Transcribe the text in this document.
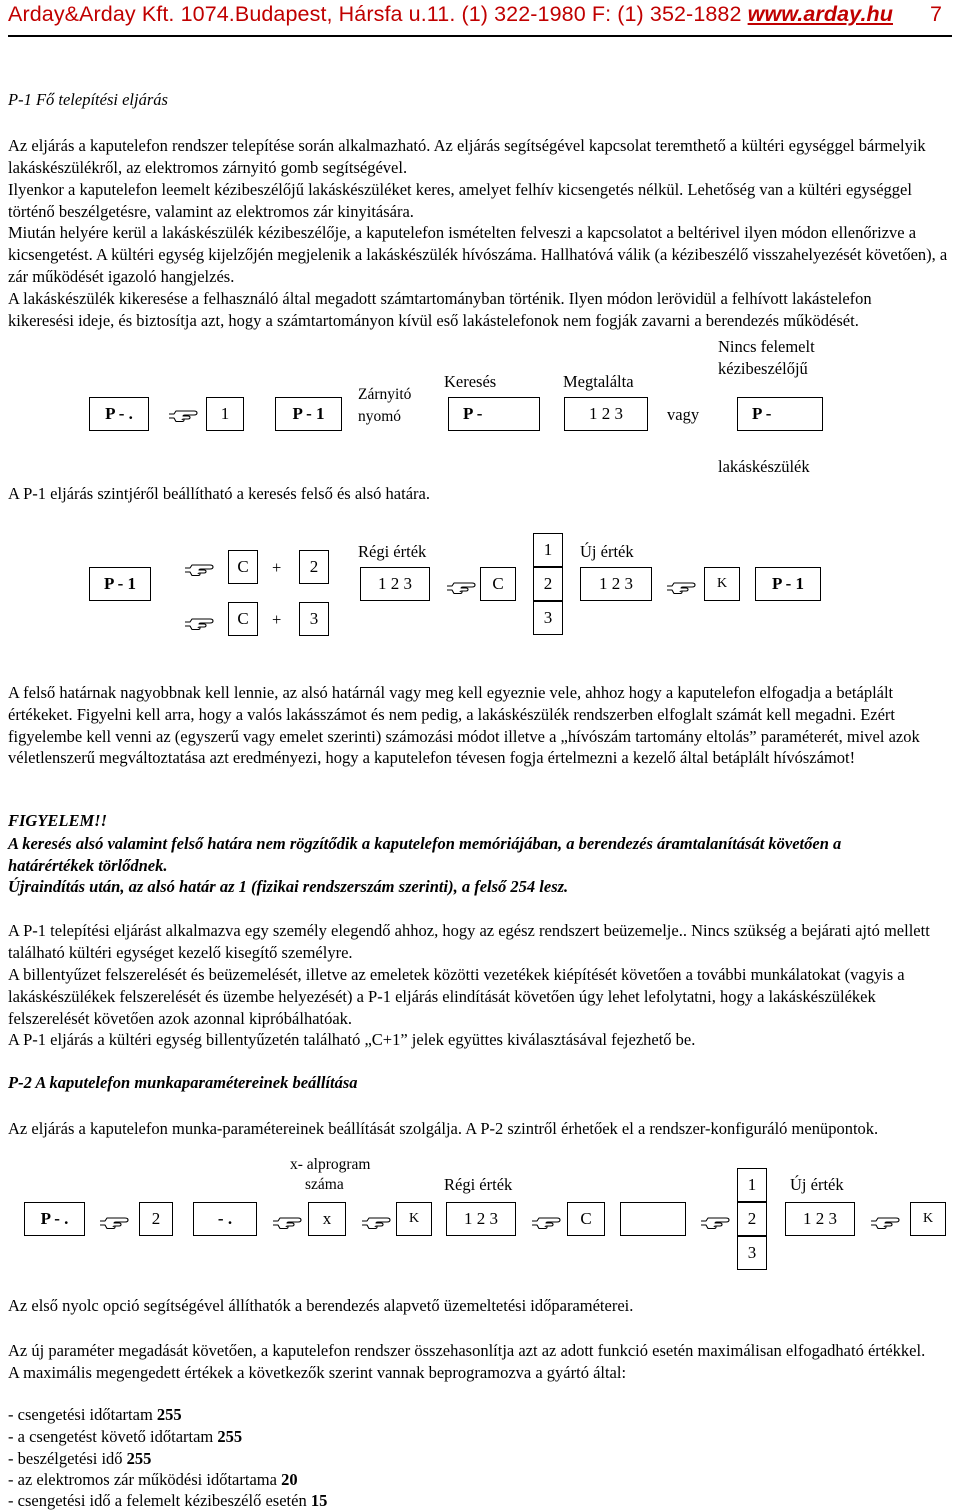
Arday&Arday Kft. 1074.Budapest, Hársfa u.11. (1) 322-1980 F: (1) 352-1882 www.arday.hu 7
P-1 Fő telepítési eljárás
Az eljárás a kaputelefon rendszer telepítése során alkalmazható. Az eljárás segítségével kapcsolat teremthető a kültéri egységgel bármelyik lakáskészülékről, az elektromos zárnyitó gomb segítségével.
Ilyenkor a kaputelefon leemelt kézibeszélőjű lakáskészüléket keres, amelyet felhív kicsengetés nélkül. Lehetőség van a kültéri egységgel történő beszélgetésre, valamint az elektromos zár kinyitására.
Miután helyére kerül a lakáskészülék kézibeszélője, a kaputelefon ismételten felveszi a kapcsolatot a beltérivel ilyen módon ellenőrizve a kicsengetést. A kültéri egység kijelzőjén megjelenik a lakáskészülék hívószáma. Hallhatóvá válik (a kézibeszélő visszahelyezését követően), a zár működését igazoló hangjelzés.
A lakáskészülék kikeresése a felhasználó által megadott számtartományban történik. Ilyen módon lerövidül a felhívott lakástelefon kikeresési ideje, és biztosítja azt, hogy a számtartományon kívül eső lakástelefonok nem fogják zavarni a berendezés működését.
Nincs felemelt
kézibeszélőjű
Keresés	Megtalálta
Zárnyitó
nyomó
P - .	1	P - 1	P -	1 2 3	vagy	P -
lakáskészülék
A P-1 eljárás szintjéről beállítható a keresés felső és alsó határa.
P - 1
C	+	2
C	+	3
Régi érték
1 2 3	C
1
2
3
Új érték
1 2 3	K	P - 1
A felső határnak nagyobbnak kell lennie, az alsó határnál vagy meg kell egyeznie vele, ahhoz hogy a kaputelefon elfogadja a betáplált értékeket. Figyelni kell arra, hogy a valós lakásszámot és nem pedig, a lakáskészülék rendszerben elfoglalt számát kell megadni. Ezért figyelembe kell venni az (egyszerű vagy emelet szerinti) számozási módot illetve a „hívószám tartomány eltolás” paraméterét, mivel azok véletlenszerű megváltoztatása azt eredményezi, hogy a kaputelefon tévesen fogja értelmezni a kezelő által betáplált hívószámot!
FIGYELEM!!
A keresés alsó valamint felső határa nem rögzítődik a kaputelefon memóriájában, a berendezés áramtalanítását követően a határértékek törlődnek.
Újraindítás után, az alsó határ az 1 (fizikai rendszerszám szerinti), a felső 254 lesz.
A P-1 telepítési eljárást alkalmazva egy személy elegendő ahhoz, hogy az egész rendszert beüzemelje.. Nincs szükség a bejárati ajtó mellett található kültéri egységet kezelő kisegítő személyre.
A billentyűzet felszerelését és beüzemelését, illetve az emeletek közötti vezetékek kiépítését követően a további munkálatokat (vagyis a lakáskészülékek felszerelését és üzembe helyezését) a P-1 eljárás elindítását követően úgy lehet lefolytatni, hogy a lakáskészülékek felszerelését követően azok azonnal kipróbálhatóak.
A P-1 eljárás a kültéri egység billentyűzetén található „C+1” jelek együttes kiválasztásával fejezhető be.
P-2 A kaputelefon munkaparamétereinek beállítása
Az eljárás a kaputelefon munka-paramétereinek beállítását szolgálja. A P-2 szintről érhetőek el a rendszer-konfiguráló menüpontok.
x- alprogram
száma	Régi érték	Új érték
P - .	2	- .	x	K	1 2 3	C
1
2
3
1 2 3	K
Az első nyolc opció segítségével állíthatók a berendezés alapvető üzemeltetési időparaméterei.
Az új paraméter megadását követően, a kaputelefon rendszer összehasonlítja azt az adott funkció esetén maximálisan elfogadható értékkel. A maximális megengedett értékek a következők szerint vannak beprogramozva a gyártó által:
- csengetési időtartam 255
- a csengetést követő időtartam 255
- beszélgetési idő 255
- az elektromos zár működési időtartama 20
- csengetési idő a felemelt kézibeszélő esetén 15
